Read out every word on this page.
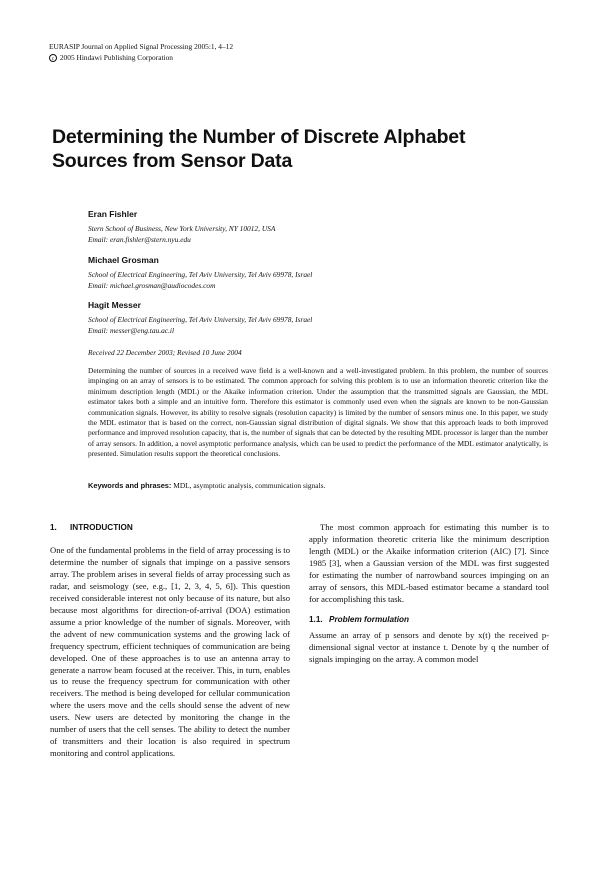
EURASIP Journal on Applied Signal Processing 2005:1, 4–12
c 2005 Hindawi Publishing Corporation
Determining the Number of Discrete Alphabet
Sources from Sensor Data
Eran Fishler
Stern School of Business, New York University, NY 10012, USA
Email: eran.fishler@stern.nyu.edu
Michael Grosman
School of Electrical Engineering, Tel Aviv University, Tel Aviv 69978, Israel
Email: michael.grosman@audiocodes.com
Hagit Messer
School of Electrical Engineering, Tel Aviv University, Tel Aviv 69978, Israel
Email: messer@eng.tau.ac.il
Received 22 December 2003; Revised 10 June 2004
Determining the number of sources in a received wave field is a well-known and a well-investigated problem. In this problem, the number of sources impinging on an array of sensors is to be estimated. The common approach for solving this problem is to use an information theoretic criterion like the minimum description length (MDL) or the Akaike information criterion. Under the assumption that the transmitted signals are Gaussian, the MDL estimator takes both a simple and an intuitive form. Therefore this estimator is commonly used even when the signals are known to be non-Gaussian communication signals. However, its ability to resolve signals (resolution capacity) is limited by the number of sensors minus one. In this paper, we study the MDL estimator that is based on the correct, non-Gaussian signal distribution of digital signals. We show that this approach leads to both improved performance and improved resolution capacity, that is, the number of signals that can be detected by the resulting MDL processor is larger than the number of array sensors. In addition, a novel asymptotic performance analysis, which can be used to predict the performance of the MDL estimator analytically, is presented. Simulation results support the theoretical conclusions.
Keywords and phrases: MDL, asymptotic analysis, communication signals.
1. INTRODUCTION

One of the fundamental problems in the field of array processing is to determine the number of signals that impinge on a passive sensors array. The problem arises in several fields of array processing such as radar, and seismology (see, e.g., [1, 2, 3, 4, 5, 6]). This question received considerable interest not only because of its nature, but also because most algorithms for direction-of-arrival (DOA) estimation assume a prior knowledge of the number of signals. Moreover, with the advent of new communication systems and the growing lack of frequency spectrum, efficient techniques of communication are being developed. One of these approaches is to use an antenna array to generate a narrow beam focused at the receiver. This, in turn, enables us to reuse the frequency spectrum for communication with other receivers. The method is being developed for cellular communication where the users move and the cells should sense the advent of new users. New users are detected by monitoring the change in the number of users that the cell senses. The ability to detect the number of transmitters and their location is also required in spectrum monitoring and control applications.

The most common approach for estimating this number is to apply information theoretic criteria like the minimum description length (MDL) or the Akaike information criterion (AIC) [7]. Since 1985 [3], when a Gaussian version of the MDL was first suggested for estimating the number of narrowband sources impinging on an array of sensors, this MDL-based estimator became a standard tool for accomplishing this task.

1.1. Problem formulation

Assume an array of p sensors and denote by x(t) the received p-dimensional signal vector at instance t. Denote by q the number of signals impinging on the array. A common model
